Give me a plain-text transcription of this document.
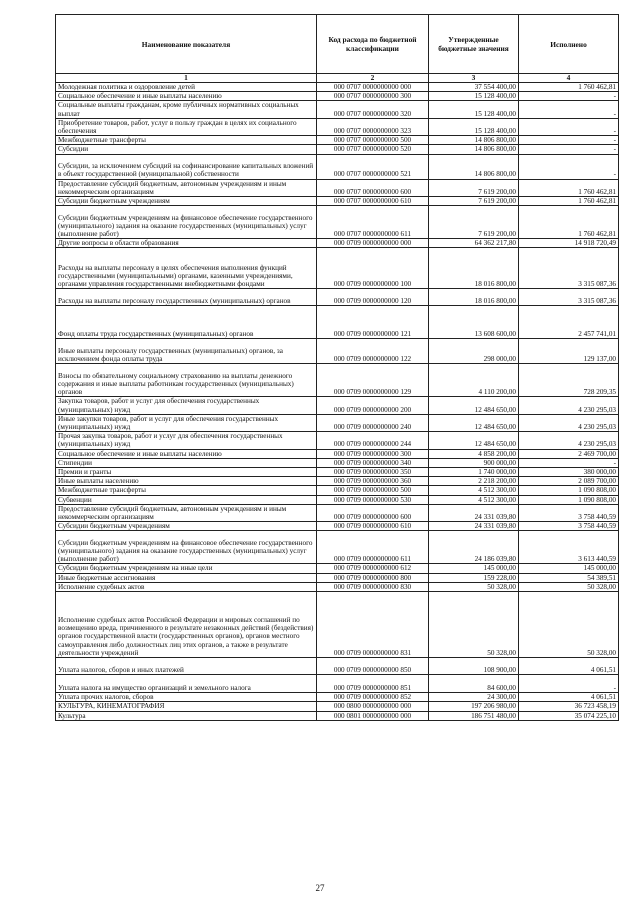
Наименование показателя	Код расхода по бюджетной классификации	Утвержденные бюджетные значения	Исполнено
1	2	3	4
Молодежная политика и оздоровление детей	000 0707 0000000000 000	37 554 400,00	1 760 462,81
Социальное обеспечение и иные выплаты населению	000 0707 0000000000 300	15 128 400,00	-
Социальные выплаты гражданам, кроме публичных нормативных социальных выплат	000 0707 0000000000 320	15 128 400,00	-
Приобретение товаров, работ, услуг в пользу граждан в целях их социального обеспечения	000 0707 0000000000 323	15 128 400,00	-
Межбюджетные трансферты	000 0707 0000000000 500	14 806 800,00	-
Субсидии	000 0707 0000000000 520	14 806 800,00	-
Субсидии, за исключением субсидий на софинансирование капитальных вложений в объект государственной (муниципальной) собственности	000 0707 0000000000 521	14 806 800,00	-
Предоставление субсидий бюджетным, автономным учреждениям и иным некоммерческим организациям	000 0707 0000000000 600	7 619 200,00	1 760 462,81
Субсидии бюджетным учреждениям	000 0707 0000000000 610	7 619 200,00	1 760 462,81
Субсидии бюджетным учреждениям на финансовое обеспечение государственного (муниципального) задания на оказание государственных (муниципальных) услуг (выполнение работ)	000 0707 0000000000 611	7 619 200,00	1 760 462,81
Другие вопросы в области образования	000 0709 0000000000 000	64 362 217,80	14 918 720,49
Расходы на выплаты персоналу в целях обеспечения выполнения функций государственными (муниципальными) органами, казенными учреждениями, органами управления государственными внебюджетными фондами	000 0709 0000000000 100	18 016 800,00	3 315 087,36
Расходы на выплаты персоналу государственных (муниципальных) органов	000 0709 0000000000 120	18 016 800,00	3 315 087,36
Фонд оплаты труда государственных (муниципальных) органов	000 0709 0000000000 121	13 608 600,00	2 457 741,01
Иные выплаты персоналу государственных (муниципальных) органов, за исключением фонда оплаты труда	000 0709 0000000000 122	298 000,00	129 137,00
Взносы по обязательному социальному страхованию на выплаты денежного содержания и иные выплаты работникам государственных (муниципальных) органов	000 0709 0000000000 129	4 110 200,00	728 209,35
Закупка товаров, работ и услуг для обеспечения государственных (муниципальных) нужд	000 0709 0000000000 200	12 484 650,00	4 230 295,03
Иные закупки товаров, работ и услуг для обеспечения государственных (муниципальных) нужд	000 0709 0000000000 240	12 484 650,00	4 230 295,03
Прочая закупка товаров, работ и услуг для обеспечения государственных (муниципальных) нужд	000 0709 0000000000 244	12 484 650,00	4 230 295,03
Социальное обеспечение и иные выплаты населению	000 0709 0000000000 300	4 858 200,00	2 469 700,00
Стипендии	000 0709 0000000000 340	900 000,00	-
Премии и гранты	000 0709 0000000000 350	1 740 000,00	380 000,00
Иные выплаты населению	000 0709 0000000000 360	2 218 200,00	2 089 700,00
Межбюджетные трансферты	000 0709 0000000000 500	4 512 300,00	1 090 808,00
Субвенции	000 0709 0000000000 530	4 512 300,00	1 090 808,00
Предоставление субсидий бюджетным, автономным учреждениям и иным некоммерческим организациям	000 0709 0000000000 600	24 331 039,80	3 758 440,59
Субсидии бюджетным учреждениям	000 0709 0000000000 610	24 331 039,80	3 758 440,59
Субсидии бюджетным учреждениям на финансовое обеспечение государственного (муниципального) задания на оказание государственных (муниципальных) услуг (выполнение работ)	000 0709 0000000000 611	24 186 039,80	3 613 440,59
Субсидии бюджетным учреждениям на иные цели	000 0709 0000000000 612	145 000,00	145 000,00
Иные бюджетные ассигнования	000 0709 0000000000 800	159 228,00	54 389,51
Исполнение судебных актов	000 0709 0000000000 830	50 328,00	50 328,00
Исполнение судебных актов Российской Федерации и мировых соглашений по возмещению вреда, причиненного в результате незаконных действий (бездействия) органов государственной власти (государственных органов), органов местного самоуправления либо должностных лиц этих органов, а также в результате деятельности учреждений	000 0709 0000000000 831	50 328,00	50 328,00
Уплата налогов, сборов и иных платежей	000 0709 0000000000 850	108 900,00	4 061,51
Уплата налога на имущество организаций и земельного налога	000 0709 0000000000 851	84 600,00	-
Уплата прочих налогов, сборов	000 0709 0000000000 852	24 300,00	4 061,51
КУЛЬТУРА, КИНЕМАТОГРАФИЯ	000 0800 0000000000 000	197 206 980,00	36 723 458,19
Культура	000 0801 0000000000 000	186 751 480,00	35 074 225,10
27
